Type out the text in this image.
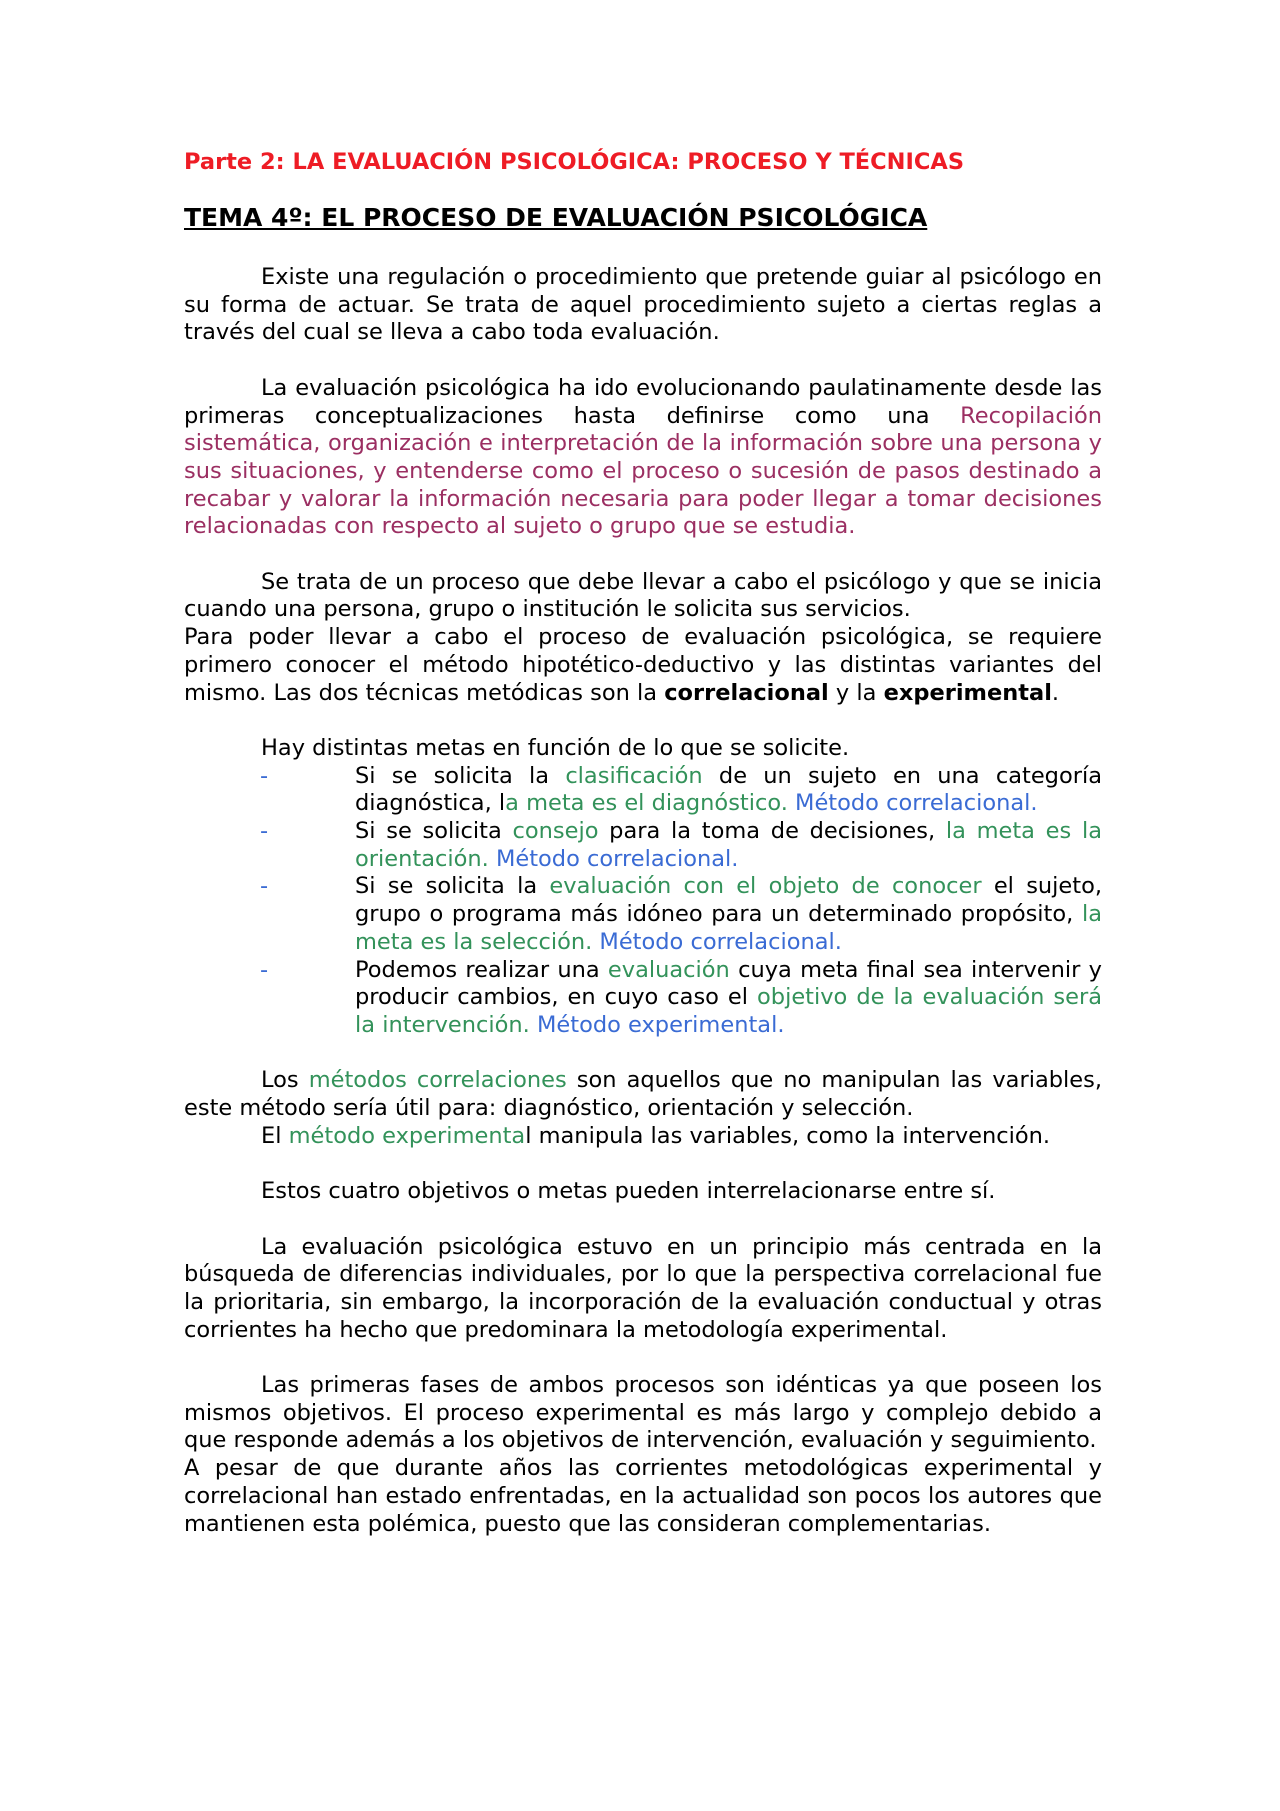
Parte 2: LA EVALUACIÓN PSICOLÓGICA: PROCESO Y TÉCNICAS
TEMA 4º: EL PROCESO DE EVALUACIÓN PSICOLÓGICA

Existe una regulación o procedimiento que pretende guiar al psicólogo en su forma de actuar. Se trata de aquel procedimiento sujeto a ciertas reglas a través del cual se lleva a cabo toda evaluación.

La evaluación psicológica ha ido evolucionando paulatinamente desde las primeras conceptualizaciones hasta definirse como una Recopilación sistemática, organización e interpretación de la información sobre una persona y sus situaciones, y entenderse como el proceso o sucesión de pasos destinado a recabar y valorar la información necesaria para poder llegar a tomar decisiones relacionadas con respecto al sujeto o grupo que se estudia.

Se trata de un proceso que debe llevar a cabo el psicólogo y que se inicia cuando una persona, grupo o institución le solicita sus servicios.

Para poder llevar a cabo el proceso de evaluación psicológica, se requiere primero conocer el método hipotético-deductivo y las distintas variantes del mismo. Las dos técnicas metódicas son la correlacional y la experimental.

Hay distintas metas en función de lo que se solicite.

-	Si se solicita la clasificación de un sujeto en una categoría diagnóstica, la meta es el diagnóstico. Método correlacional.
-	Si se solicita consejo para la toma de decisiones, la meta es la orientación. Método correlacional.
-	Si se solicita la evaluación con el objeto de conocer el sujeto, grupo o programa más idóneo para un determinado propósito, la meta es la selección. Método correlacional.
-	Podemos realizar una evaluación cuya meta final sea intervenir y producir cambios, en cuyo caso el objetivo de la evaluación será la intervención. Método experimental.

Los métodos correlaciones son aquellos que no manipulan las variables, este método sería útil para: diagnóstico, orientación y selección.

El método experimental manipula las variables, como la intervención.

Estos cuatro objetivos o metas pueden interrelacionarse entre sí.

La evaluación psicológica estuvo en un principio más centrada en la búsqueda de diferencias individuales, por lo que la perspectiva correlacional fue la prioritaria, sin embargo, la incorporación de la evaluación conductual y otras corrientes ha hecho que predominara la metodología experimental.

Las primeras fases de ambos procesos son idénticas ya que poseen los mismos objetivos. El proceso experimental es más largo y complejo debido a que responde además a los objetivos de intervención, evaluación y seguimiento.

A pesar de que durante años las corrientes metodológicas experimental y correlacional han estado enfrentadas, en la actualidad son pocos los autores que mantienen esta polémica, puesto que las consideran complementarias.
